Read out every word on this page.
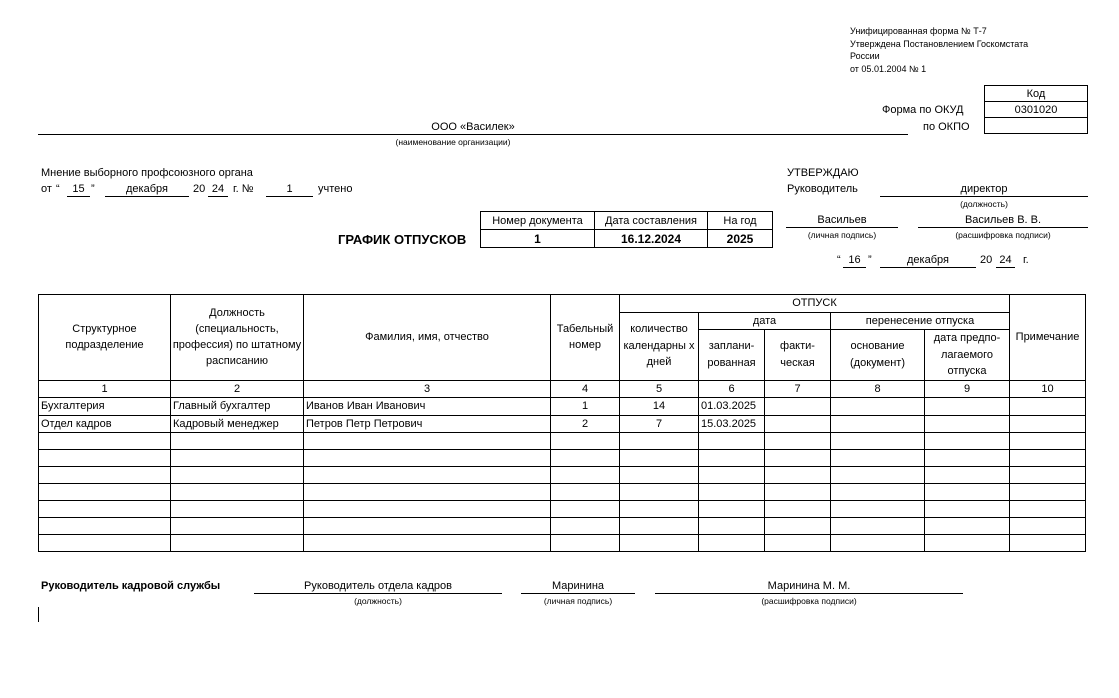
Унифицированная форма № Т-7
Утверждена Постановлением Госкомстата
России
от 05.01.2004 № 1
Код
0301020

Форма по ОКУД
по ОКПО
ООО «Василек»
(наименование организации)
Мнение выборного профсоюзного органа
от “	15 ”	декабря	20 24 г. №	1	учтено
УТВЕРЖДАЮ
Руководитель	директор
(должность)
Васильев
(личная подпись)
Васильев В. В.
(расшифровка подписи)
“ 16 ”	декабря	20 24	г.
ГРАФИК ОТПУСКОВ
Номер документа	Дата составления	На год
1	16.12.2024	2025
Структурное подразделение	Должность (специальность, профессия) по штатному расписанию	Фамилия, имя, отчество	Табельный номер	ОТПУСК					Примечание
				количество календарны х дней	дата		перенесение отпуска		
					заплани- рованная	факти- ческая	основание (документ)	дата предпо- лагаемого отпуска	
1	2	3	4	5	6	7	8	9	10
Бухгалтерия	Главный бухгалтер	Иванов Иван Иванович	1	14	01.03.2025				
Отдел кадров	Кадровый менеджер	Петров Петр Петрович	2	7	15.03.2025				

Руководитель кадровой службы	Руководитель отдела кадров
(должность)
Маринина
(личная подпись)
Маринина М. М.
(расшифровка подписи)
